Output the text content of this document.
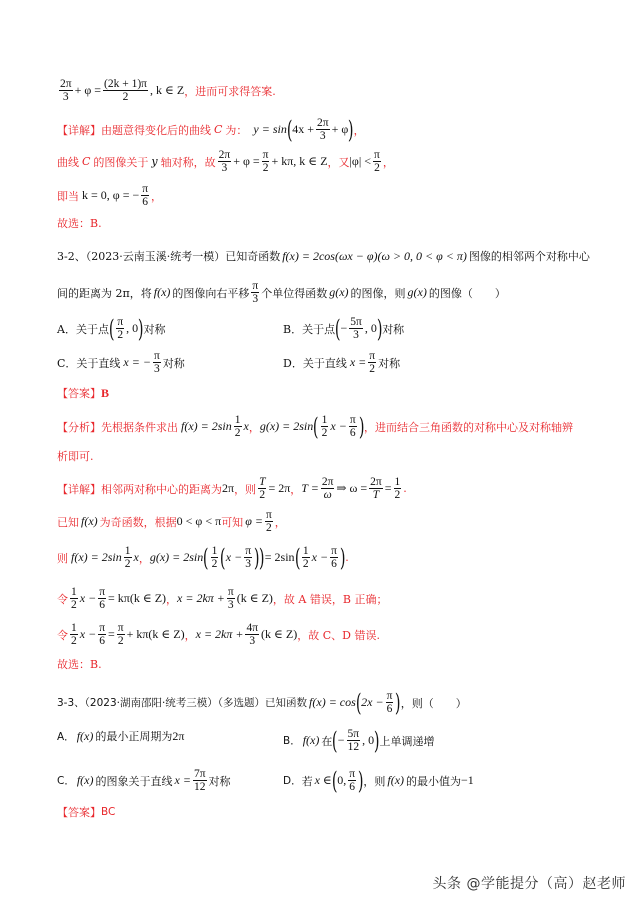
$\frac{2\pi}{3} + \varphi = \frac{(2k + 1)\pi}{2}$ , k ∈ Z ，进而可求得答案.
【详解】 由题意得变化后的曲线 C 为： y = sin ( $4x + \frac{2\pi}{3} + \varphi$ ) ，
曲线 C 的图像关于 y 轴对称，故 $\frac{2\pi}{3} + \varphi = \frac{\pi}{2} + k\pi$, k ∈ Z ，又 $|\varphi| < \frac{\pi}{2}$ ，
即当 k = 0, φ = − $\frac{\pi}{6}$ ，
故选：B.
3-2、（2023·云南玉溪·统考一模）已知奇函数 f(x) = 2cos(ωx − φ)(ω > 0, 0 < φ < π) 图像的相邻两个对称中心
间的距离为 2π，将 f(x) 的图像向右平移 $\frac{\pi}{3}$ 个单位得函数 g(x) 的图像，则 g(x) 的图像（　　）
A．关于点 ( $\frac{\pi}{2}$ , 0 ) 对称	B．关于点 ( − $\frac{5\pi}{3}$ , 0 ) 对称
C．关于直线 x = − $\frac{\pi}{3}$ 对称	D．关于直线 $x = \frac{\pi}{2}$ 对称
【答案】 B
【分析】 先根据条件求出 $f(x) = 2\sin \frac{1}{2}$ x ， g(x) = 2sin ( $\frac{1}{2}$ $x - \frac{\pi}{6}$ ) ，进而结合三角函数的对称中心及对称轴辨
析即可.
【详解】 相邻两对称中心的距离为 2π ，则 $\frac{T}{2} = 2\pi$ ， $T = \frac{2\pi}{\omega}$ ⇒ $\omega = \frac{2\pi}{T} = \frac{1}{2}$ .
已知 f(x) 为奇函数，根据 0 < φ < π 可知 $\varphi = \frac{\pi}{2}$ ，
则 $f(x) = 2\sin \frac{1}{2}$ x ， g(x) = 2sin ( $\frac{1}{2}$ ( $x - \frac{\pi}{3}$ ) ) = 2sin ( $\frac{1}{2}$ $x - \frac{\pi}{6}$ ) .
令 $\frac{1}{2}$ $x - \frac{\pi}{6} = k\pi(k$ ∈ Z) ， $x = 2k\pi + \frac{\pi}{3} (k$ ∈ Z) ，故 A 错误，B 正确；
令 $\frac{1}{2}$ $x - \frac{\pi}{6} = \frac{\pi}{2} + k\pi(k$ ∈ Z) ， $x = 2k\pi + \frac{4\pi}{3} (k$ ∈ Z) ，故 C、D 错误.
故选：B.
3-3、（2023·湖南邵阳·统考三模）（多选题）已知函数 f(x) = cos ( $2x - \frac{\pi}{6}$ ) ，则（　　）
A． f(x) 的最小正周期为 2π	B． f(x) 在 ( − $\frac{5\pi}{12}$ , 0 ) 上单调递增
C． f(x) 的图象关于直线 $x = \frac{7\pi}{12}$ 对称	D． 若 x ∈ ( 0, $\frac{\pi}{6}$ ) ，则 f(x) 的最小值为 −1
【答案】 BC
头条 @学能提分（高）赵老师
